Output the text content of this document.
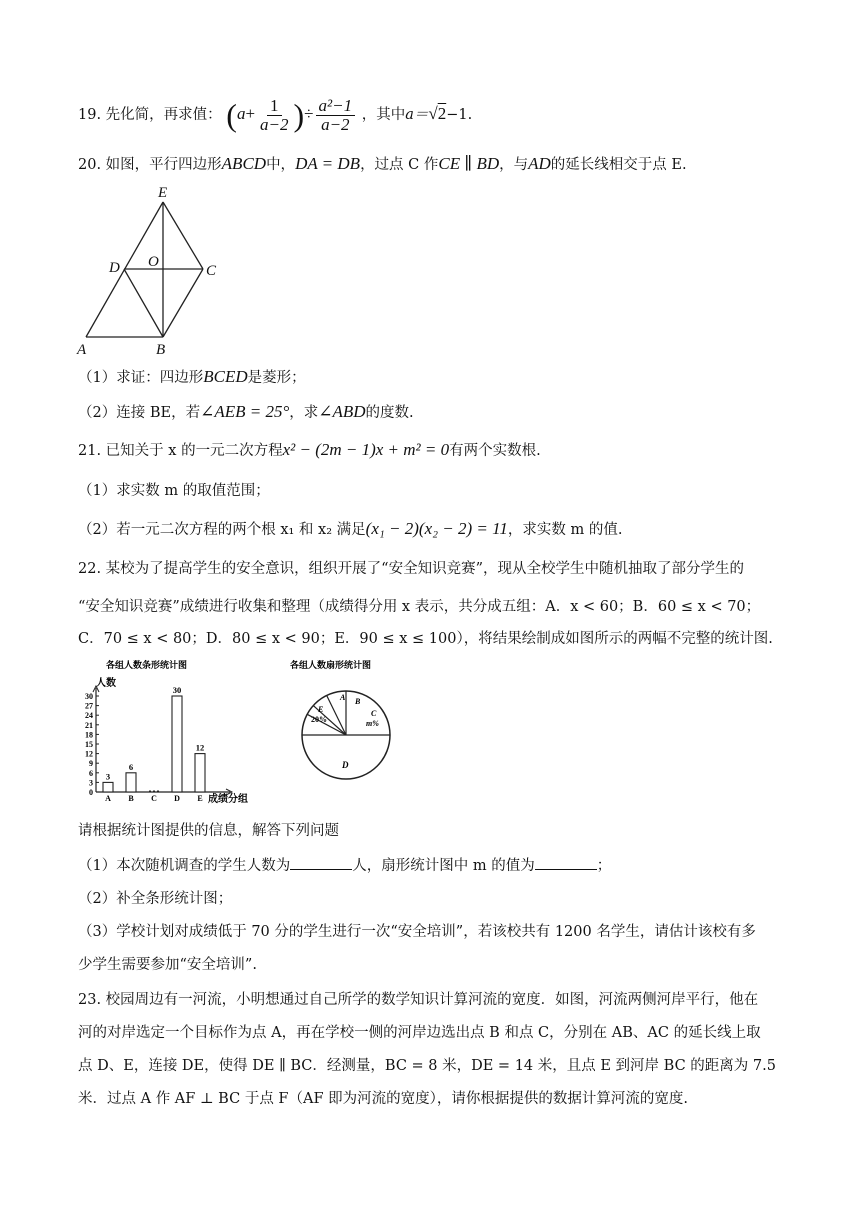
19. 先化简，再求值： ($a+ \frac{1}{a-2}$ )÷ $\frac{\text{a²−1}}{a-2}$ ，其中a＝√2−1.
20. 如图，平行四边形ABCD中，DA = DB，过点 C 作CE ∥ BD，与AD的延长线相交于点 E.
E
D O
C
A	B
（1）求证：四边形BCED是菱形；
（2）连接 BE，若∠AEB = 25°，求∠ABD的度数.
21. 已知关于 x 的一元二次方程x² − (2m − 1)x + m² = 0有两个实数根.
（1）求实数 m 的取值范围；
（2）若一元二次方程的两个根 x₁ 和 x₂ 满足(x₁ − 2)(x₂ − 2) = 11，求实数 m 的值.
22. 某校为了提高学生的安全意识，组织开展了“安全知识竞赛”，现从全校学生中随机抽取了部分学生的
“安全知识竞赛”成绩进行收集和整理（成绩得分用 x 表示，共分成五组：A．x < 60；B．60 ≤ x < 70；
C．70 ≤ x < 80；D．80 ≤ x < 90；E．90 ≤ x ≤ 100），将结果绘制成如图所示的两幅不完整的统计图.
各组人数条形统计图
人数
成绩分组
0
3
6
9
12
15
18
21
24
27
30
3
A
6
B C
30
D
12
E
各组人数扇形统计图
A B
C
m%
D
E
20%
请根据统计图提供的信息，解答下列问题
（1）本次随机调查的学生人数为	人，扇形统计图中 m 的值为	；
（2）补全条形统计图；
（3）学校计划对成绩低于 70 分的学生进行一次“安全培训”，若该校共有 1200 名学生，请估计该校有多
少学生需要参加“安全培训”.
23. 校园周边有一河流，小明想通过自己所学的数学知识计算河流的宽度．如图，河流两侧河岸平行，他在
河的对岸选定一个目标作为点 A，再在学校一侧的河岸边选出点 B 和点 C，分别在 AB、AC 的延长线上取
点 D、E，连接 DE，使得 DE ∥ BC．经测量，BC = 8 米，DE = 14 米，且点 E 到河岸 BC 的距离为 7.5
米．过点 A 作 AF ⊥ BC 于点 F（AF 即为河流的宽度），请你根据提供的数据计算河流的宽度.
